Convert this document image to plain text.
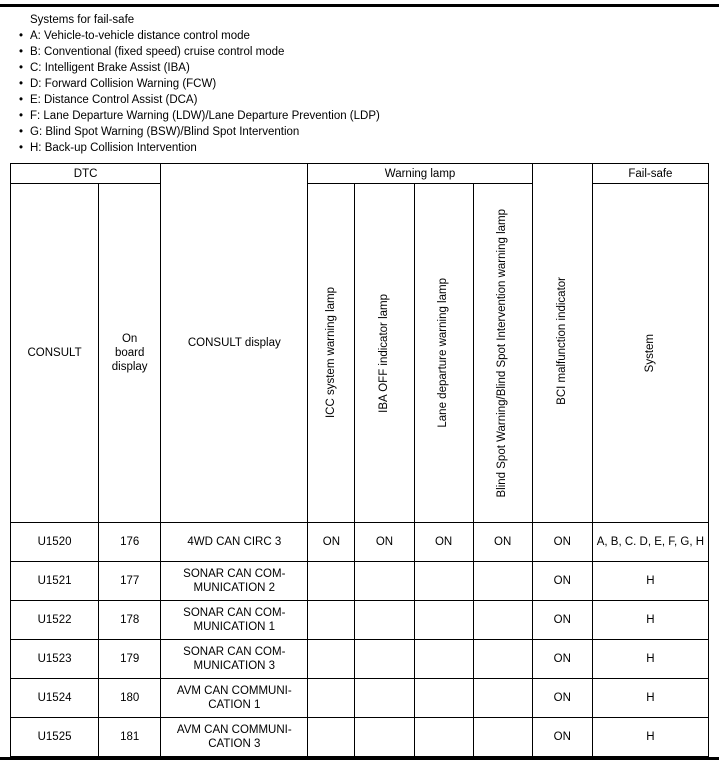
Systems for fail-safe
• A: Vehicle-to-vehicle distance control mode
• B: Conventional (fixed speed) cruise control mode
• C: Intelligent Brake Assist (IBA)
• D: Forward Collision Warning (FCW)
• E: Distance Control Assist (DCA)
• F: Lane Departure Warning (LDW)/Lane Departure Prevention (LDP)
• G: Blind Spot Warning (BSW)/Blind Spot Intervention
• H: Back-up Collision Intervention
DTC		CONSULT display	Warning lamp				BCI malfunction indicator	Fail-safe
CONSULT	On
board
display		ICC system warning lamp	IBA OFF indicator lamp	Lane departure warning lamp	Blind Spot Warning/Blind Spot Intervention warning lamp		System
U1520	176	4WD CAN CIRC 3	ON	ON	ON	ON	ON	A, B, C. D, E, F, G, H
U1521	177	SONAR CAN COM-
MUNICATION 2					ON	H
U1522	178	SONAR CAN COM-
MUNICATION 1					ON	H
U1523	179	SONAR CAN COM-
MUNICATION 3					ON	H
U1524	180	AVM CAN COMMUNI-
CATION 1					ON	H
U1525	181	AVM CAN COMMUNI-
CATION 3					ON	H
